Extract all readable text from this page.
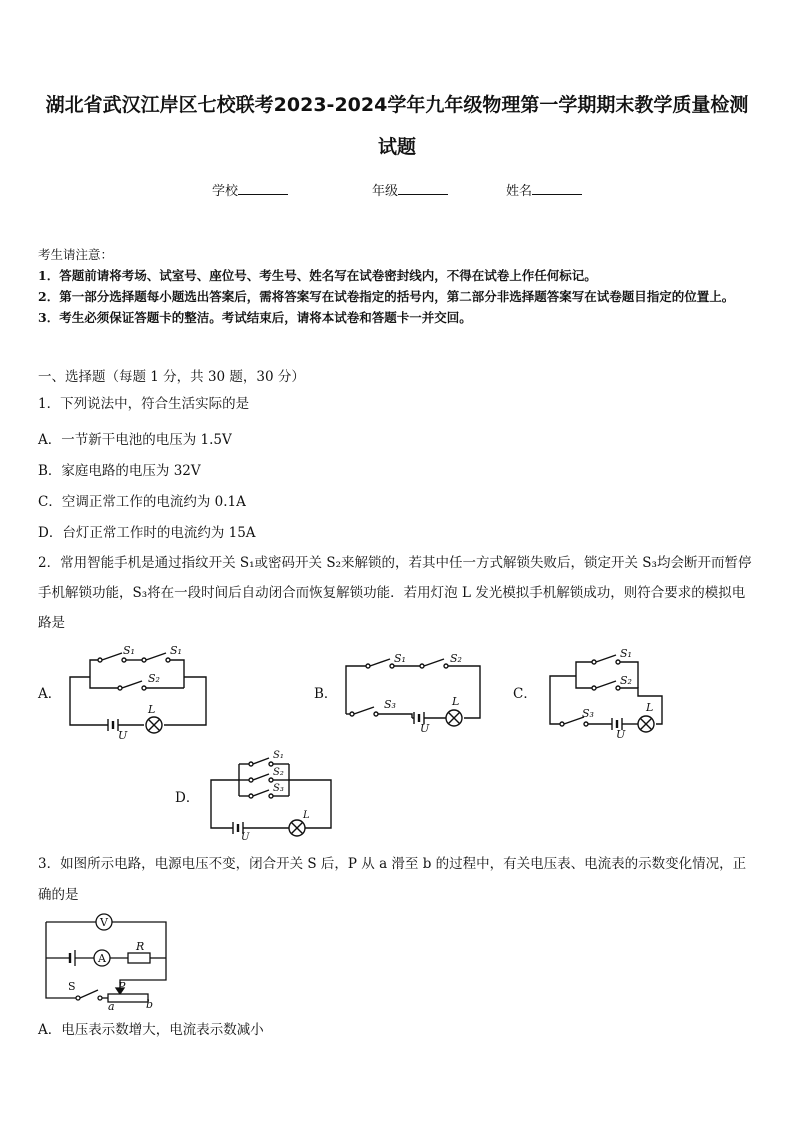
湖北省武汉江岸区七校联考2023-2024学年九年级物理第一学期期末教学质量检测试题
学校	年级	姓名
考生请注意：
1．答题前请将考场、试室号、座位号、考生号、姓名写在试卷密封线内，不得在试卷上作任何标记。
2．第一部分选择题每小题选出答案后，需将答案写在试卷指定的括号内，第二部分非选择题答案写在试卷题目指定的位置上。
3．考生必须保证答题卡的整洁。考试结束后，请将本试卷和答题卡一并交回。
一、选择题（每题 1 分，共 30 题，30 分）
1．下列说法中，符合生活实际的是
A．一节新干电池的电压为 1.5V
B．家庭电路的电压为 32V
C．空调正常工作的电流约为 0.1A
D．台灯正常工作时的电流约为 15A
2．常用智能手机是通过指纹开关 S₁或密码开关 S₂来解锁的，若其中任一方式解锁失败后，锁定开关 S₃均会断开而暂停手机解锁功能，S₃将在一段时间后自动闭合而恢复解锁功能．若用灯泡 L 发光模拟手机解锁成功，则符合要求的模拟电路是
A．	B．	C．
D．
S₁	S₁
S₂
L
U
S₁	S₂
S₃	L
U
S₁
S₂
S₃	L
U
S₁
S₂
S₃
L
U
3．如图所示电路，电源电压不变，闭合开关 S 后，P 从 a 滑至 b 的过程中，有关电压表、电流表的示数变化情况，正确的是
V
A
R
S	P
a	b
A．电压表示数增大，电流表示数减小
